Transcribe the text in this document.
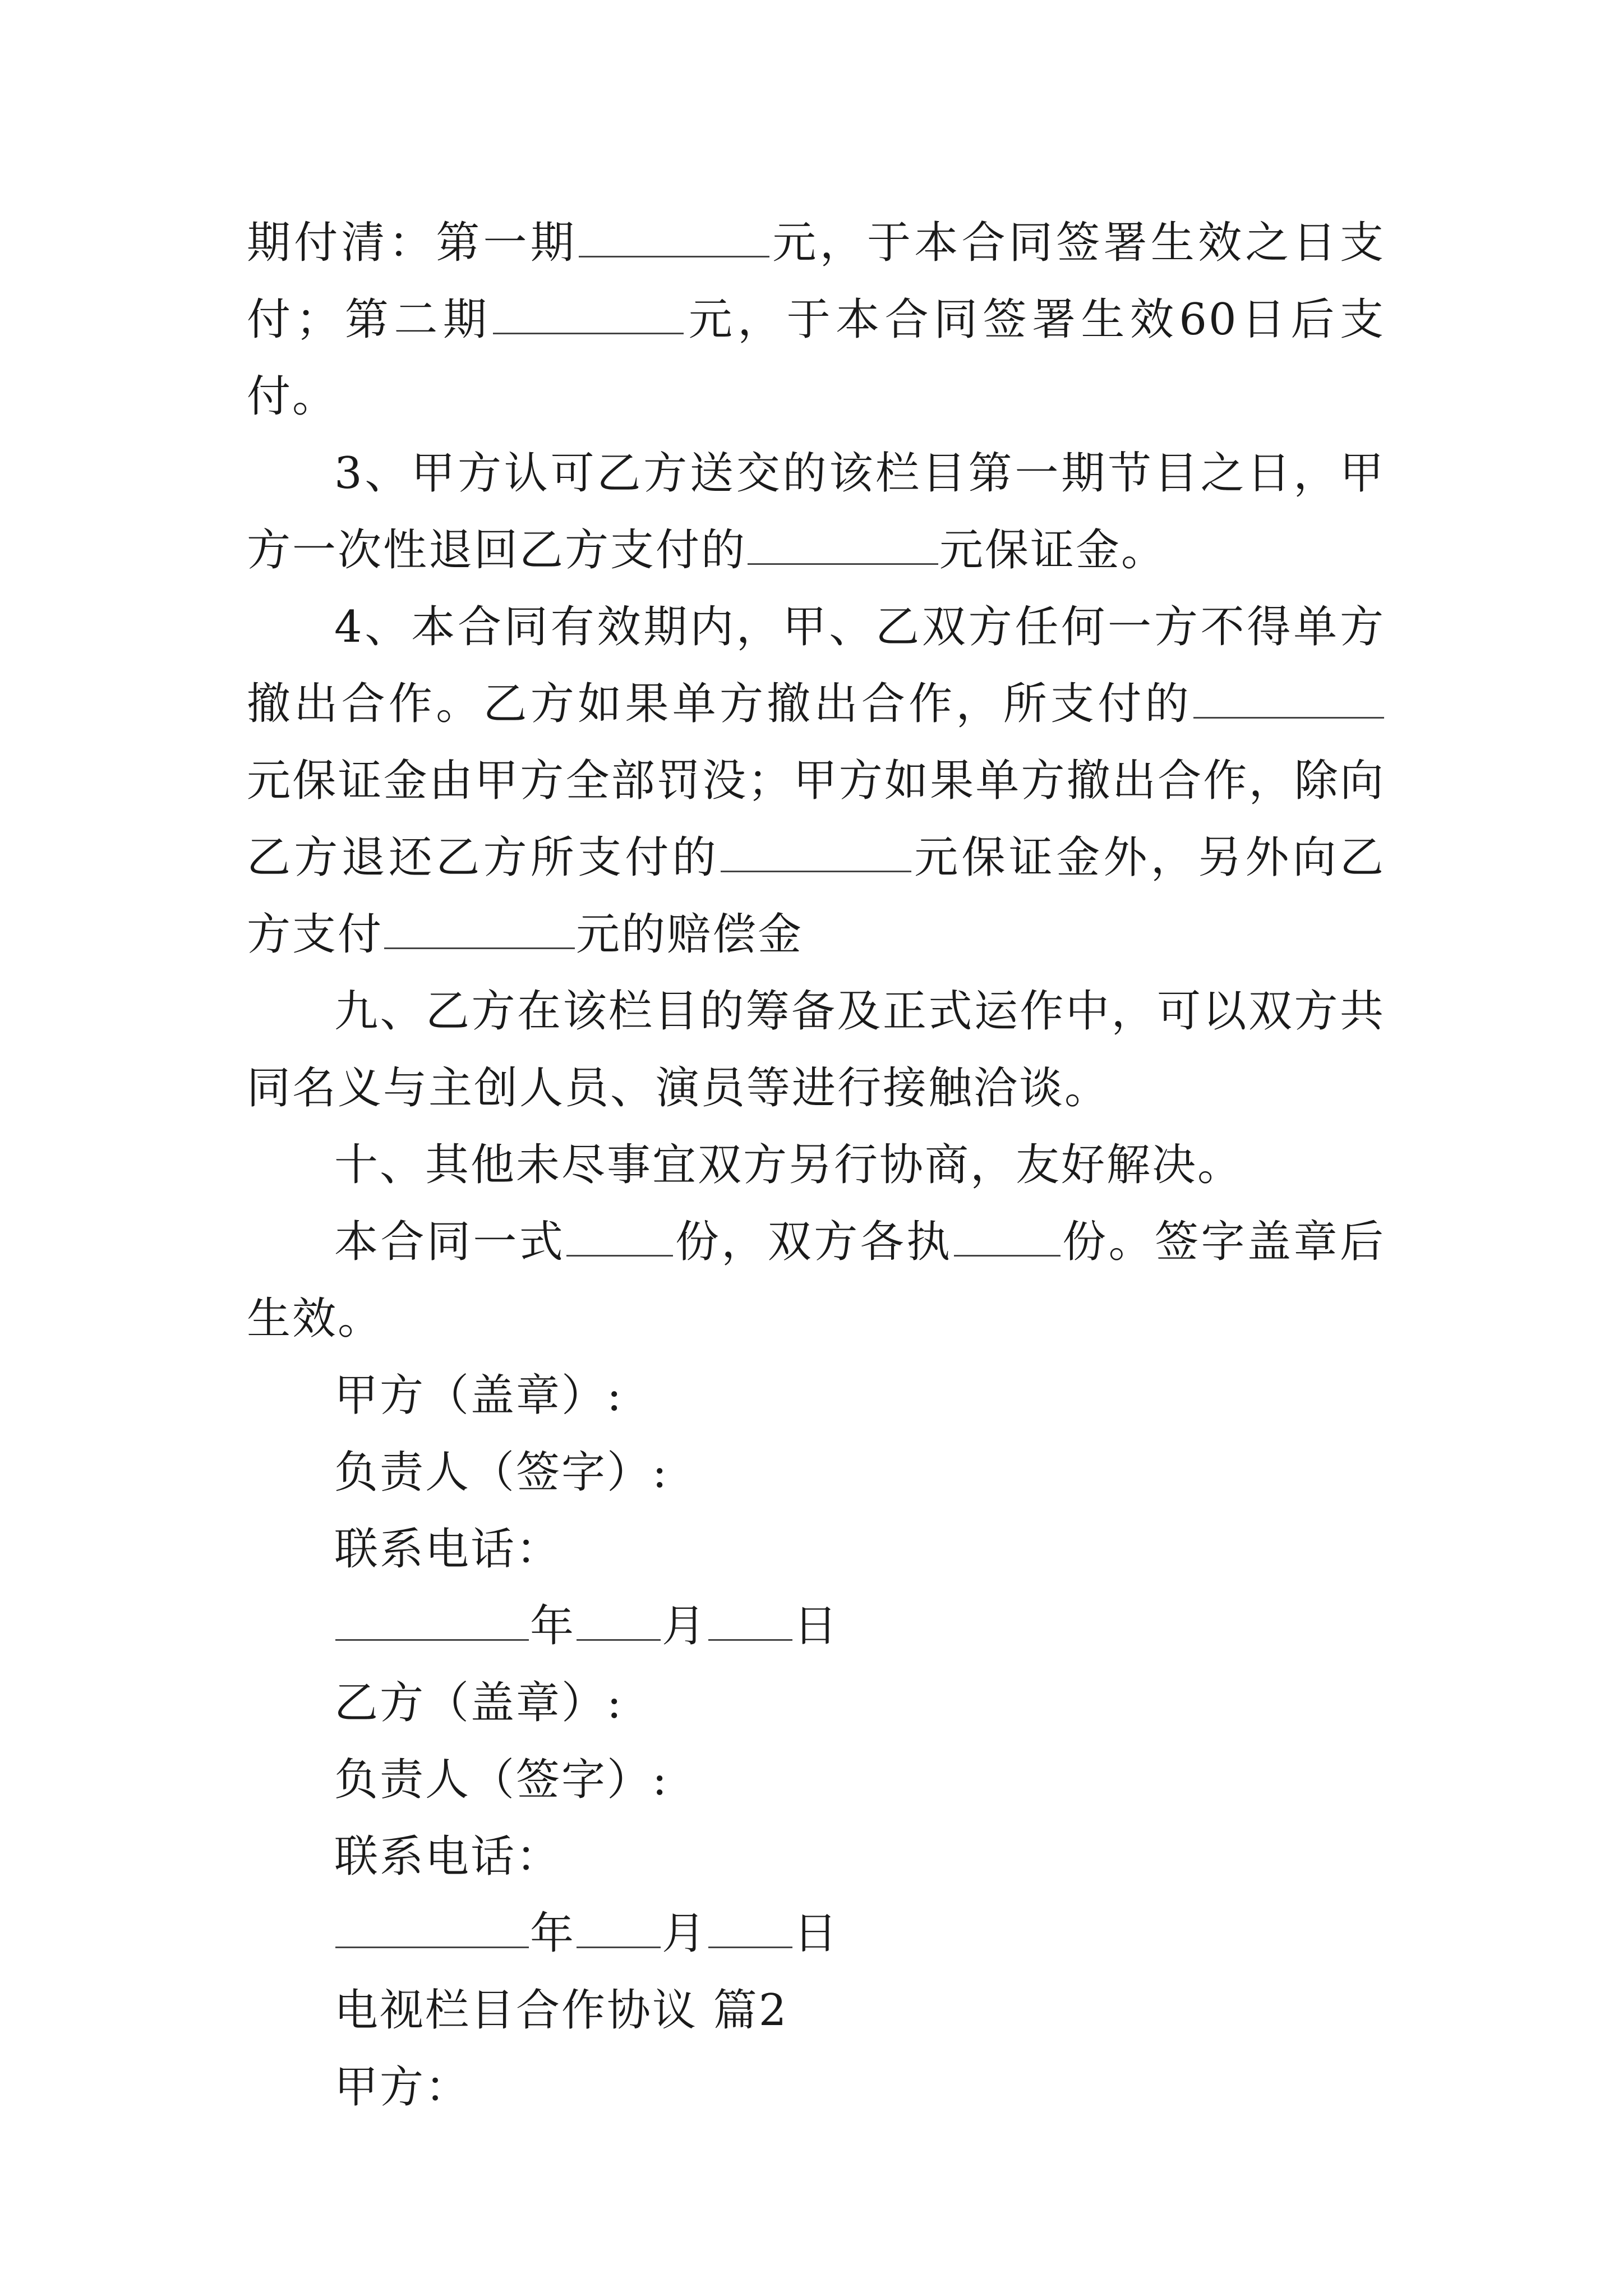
期付清：第一期	元，于本合同签署生效之日支付；第二期	元，于本合同签署生效60日后支付。

3、甲方认可乙方送交的该栏目第一期节目之日，甲方一次性退回乙方支付的	元保证金。

4、本合同有效期内，甲、乙双方任何一方不得单方撤出合作。乙方如果单方撤出合作，所支付的元保证金由甲方全部罚没；甲方如果单方撤出合作，除向乙方退还乙方所支付的	元保证金外，另外向乙方支付	元的赔偿金

九、乙方在该栏目的筹备及正式运作中，可以双方共同名义与主创人员、演员等进行接触洽谈。

十、其他未尽事宜双方另行协商，友好解决。

本合同一式 份，双方各执 份。签字盖章后生效。

甲方（盖章）:

负责人（签字）:

联系电话：

年 月 日

乙方（盖章）:

负责人（签字）:

联系电话：

年 月 日

电视栏目合作协议 篇2

甲方：
